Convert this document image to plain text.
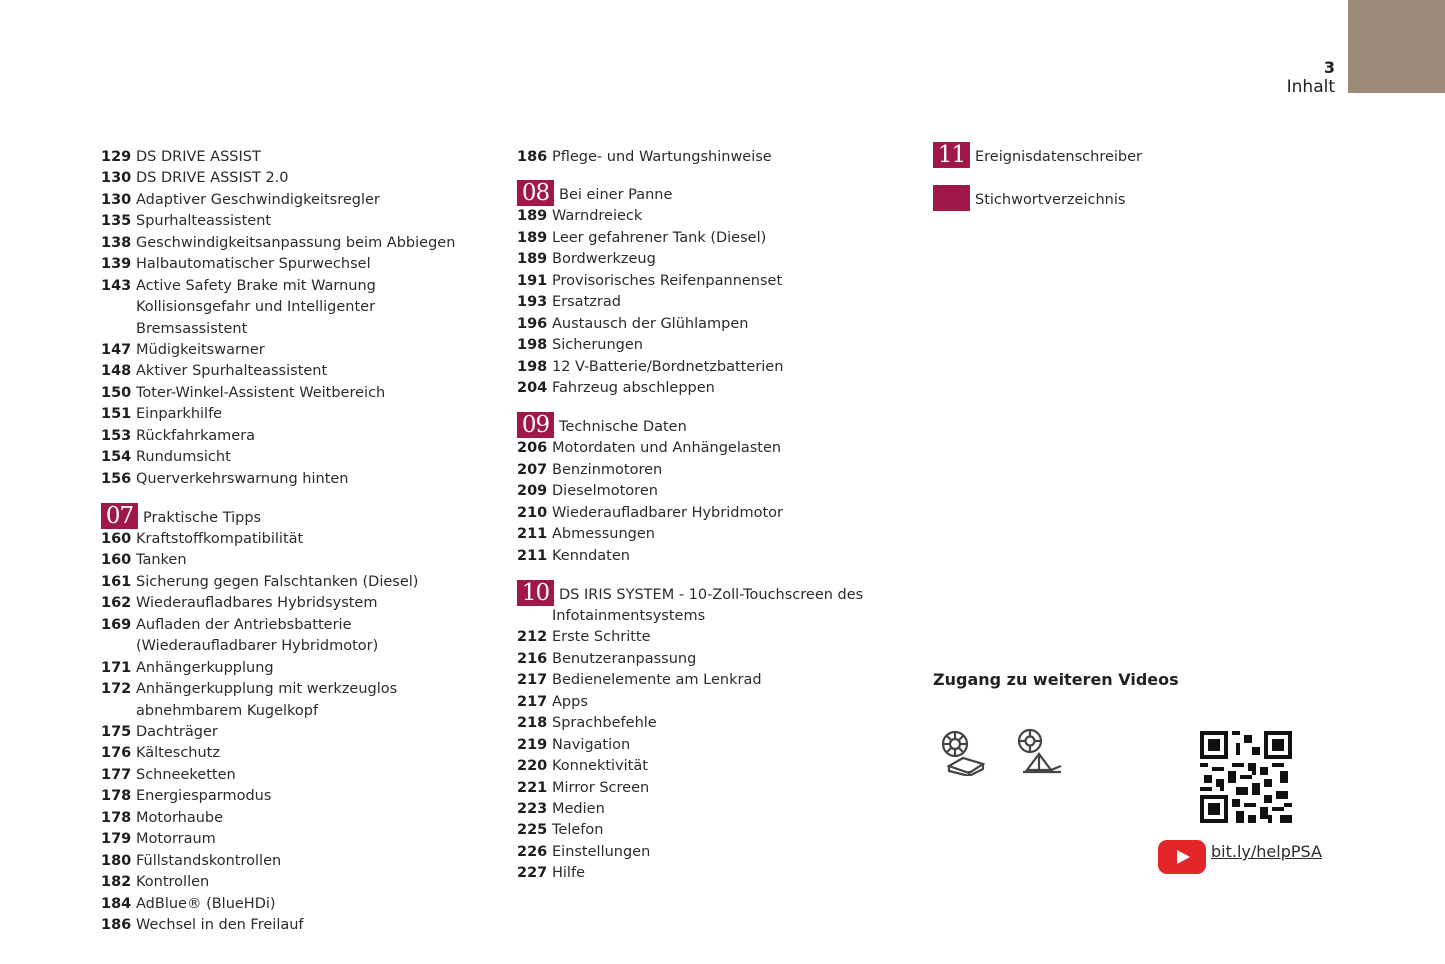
3
Inhalt
129 DS DRIVE ASSIST
130 DS DRIVE ASSIST 2.0
130 Adaptiver Geschwindigkeitsregler
135 Spurhalteassistent
138 Geschwindigkeitsanpassung beim Abbiegen
139 Halbautomatischer Spurwechsel
143 Active Safety Brake mit Warnung Kollisionsgefahr und Intelligenter Bremsassistent
147 Müdigkeitswarner
148 Aktiver Spurhalteassistent
150 Toter-Winkel-Assistent Weitbereich
151 Einparkhilfe
153 Rückfahrkamera
154 Rundumsicht
156 Querverkehrswarnung hinten
07 Praktische Tipps
160 Kraftstoffkompatibilität
160 Tanken
161 Sicherung gegen Falschtanken (Diesel)
162 Wiederaufladbares Hybridsystem
169 Aufladen der Antriebsbatterie (Wiederaufladbarer Hybridmotor)
171 Anhängerkupplung
172 Anhängerkupplung mit werkzeuglos abnehmbarem Kugelkopf
175 Dachträger
176 Kälteschutz
177 Schneeketten
178 Energiesparmodus
178 Motorhaube
179 Motorraum
180 Füllstandskontrollen
182 Kontrollen
184 AdBlue® (BlueHDi)
186 Wechsel in den Freilauf
186 Pflege- und Wartungshinweise
08 Bei einer Panne
189 Warndreieck
189 Leer gefahrener Tank (Diesel)
189 Bordwerkzeug
191 Provisorisches Reifenpannenset
193 Ersatzrad
196 Austausch der Glühlampen
198 Sicherungen
198 12 V-Batterie/Bordnetzbatterien
204 Fahrzeug abschleppen
09 Technische Daten
206 Motordaten und Anhängelasten
207 Benzinmotoren
209 Dieselmotoren
210 Wiederaufladbarer Hybridmotor
211 Abmessungen
211 Kenndaten
10 DS IRIS SYSTEM - 10-Zoll-Touchscreen des
Infotainmentsystems
212 Erste Schritte
216 Benutzeranpassung
217 Bedienelemente am Lenkrad
217 Apps
218 Sprachbefehle
219 Navigation
220 Konnektivität
221 Mirror Screen
223 Medien
225 Telefon
226 Einstellungen
227 Hilfe
11 Ereignisdatenschreiber
Stichwortverzeichnis
Zugang zu weiteren Videos
bit.ly/helpPSA
